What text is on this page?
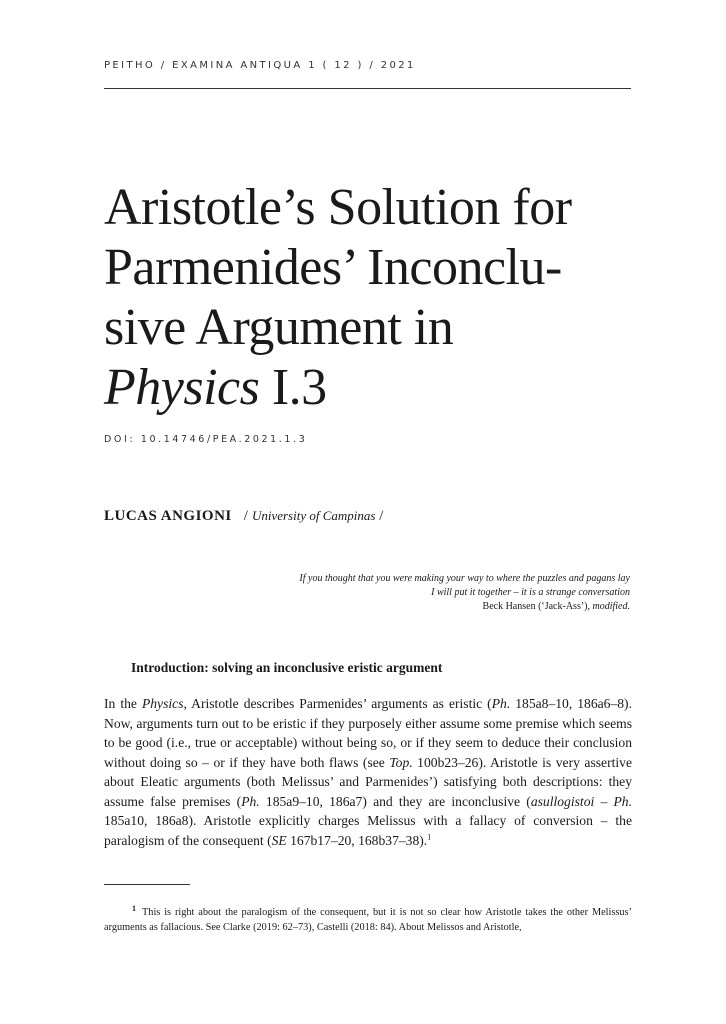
PEITHO / EXAMINA ANTIQUA 1 ( 12 ) / 2021
Aristotle’s Solution for
Parmenides’ Inconclu-
sive Argument in
Physics I.3
DOI: 10.14746/PEA.2021.1.3
LUCAS ANGIONI / University of Campinas /
If you thought that you were making your way to where the puzzles and pagans lay
I will put it together – it is a strange conversation
Beck Hansen (‘Jack-Ass’), modified.
Introduction: solving an inconclusive eristic argument

In the Physics, Aristotle describes Parmenides’ arguments as eristic (Ph. 185a8–10, 186a6–8). Now, arguments turn out to be eristic if they purposely either assume some premise which seems to be good (i.e., true or acceptable) without being so, or if they seem to deduce their conclusion without doing so – or if they have both flaws (see Top. 100b23–26). Aristotle is very assertive about Eleatic arguments (both Melissus’ and Parmenides’) satisfying both descriptions: they assume false premises (Ph. 185a9–10, 186a7) and they are inconclusive (asullogistoi – Ph. 185a10, 186a8). Aristotle explicitly charges Melissus with a fallacy of conversion – the paralogism of the consequent (SE 167b17–20, 168b37–38).$^1$

$^1$ This is right about the paralogism of the consequent, but it is not so clear how Aristotle takes the other Melissus’ arguments as fallacious. See Clarke (2019: 62–73), Castelli (2018: 84). About Melissos and Aristotle,
